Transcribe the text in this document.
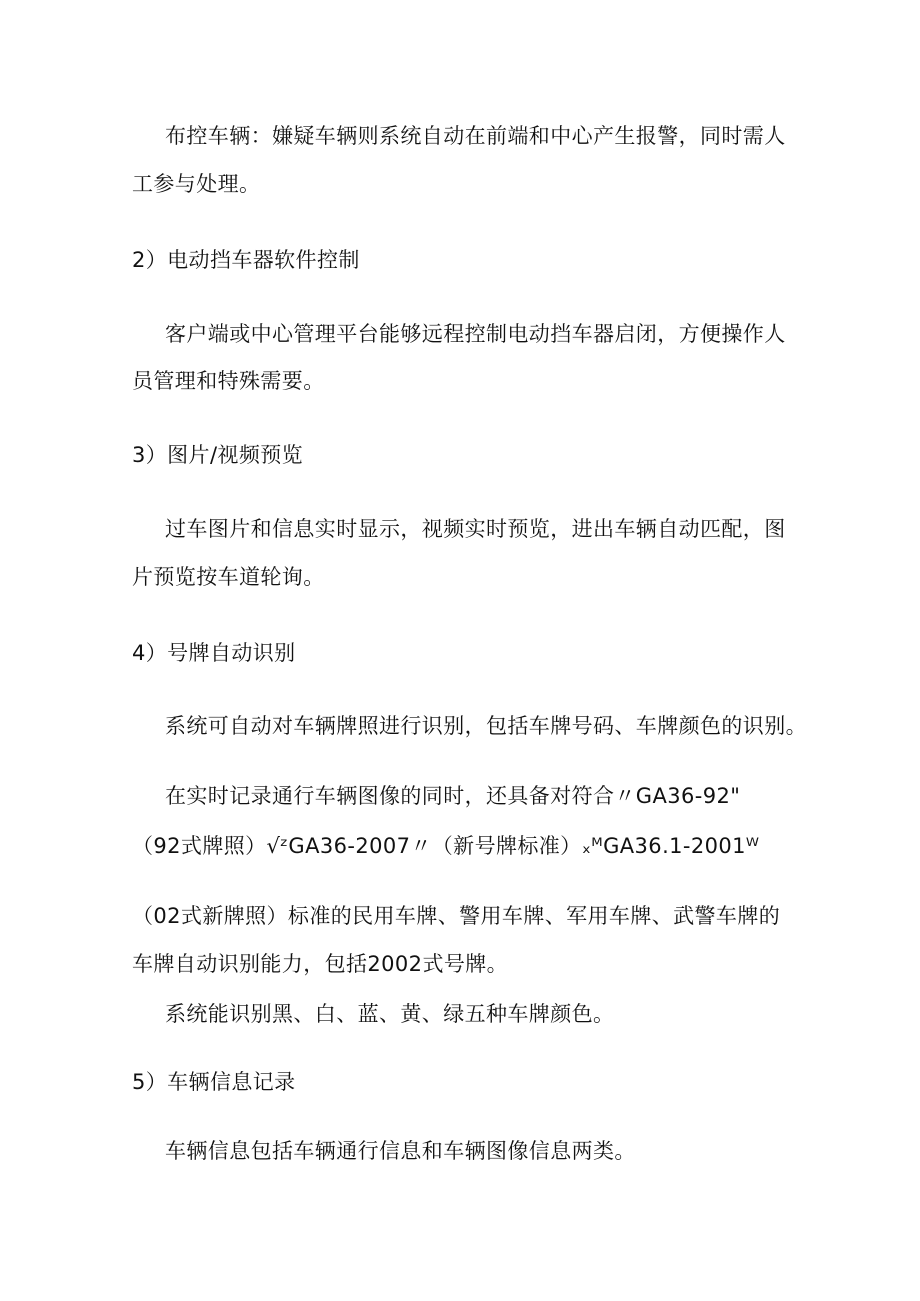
布控车辆：嫌疑车辆则系统自动在前端和中心产生报警，同时需人
工参与处理。
2）电动挡车器软件控制
客户端或中心管理平台能够远程控制电动挡车器启闭，方便操作人
员管理和特殊需要。
3）图片/视频预览
过车图片和信息实时显示，视频实时预览，进出车辆自动匹配，图
片预览按车道轮询。
4）号牌自动识别
系统可自动对车辆牌照进行识别，包括车牌号码、车牌颜色的识别。
在实时记录通行车辆图像的同时，还具备对符合〃GA36-92"
（92式牌照）√ᶻGA36-2007〃（新号牌标准）ₓᴹGA36.1-2001ᵂ
（02式新牌照）标准的民用车牌、警用车牌、军用车牌、武警车牌的
车牌自动识别能力，包括2002式号牌。
系统能识别黑、白、蓝、黄、绿五种车牌颜色。
5）车辆信息记录
车辆信息包括车辆通行信息和车辆图像信息两类。
